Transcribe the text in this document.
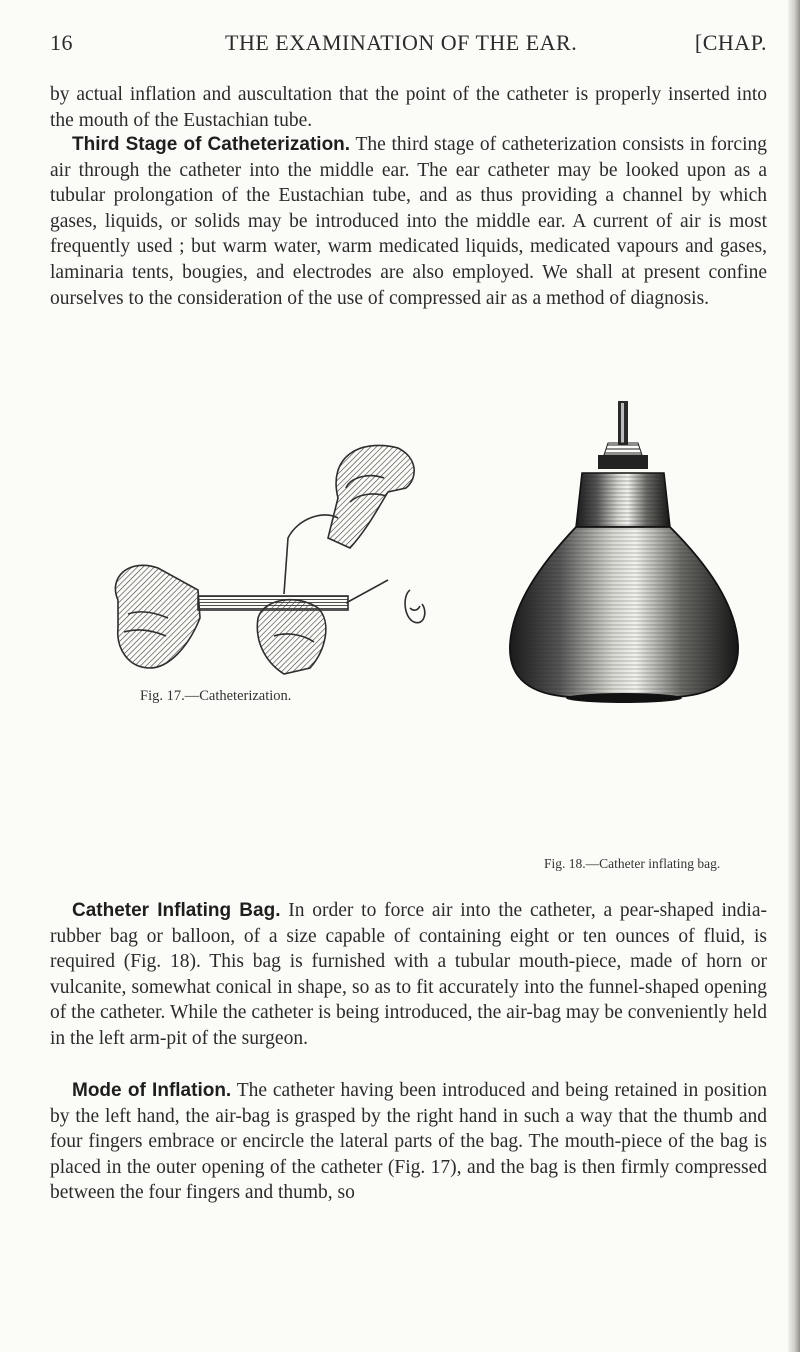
16	THE EXAMINATION OF THE EAR.	[CHAP.

by actual inflation and auscultation that the point of the catheter is properly inserted into the mouth of the Eustachian tube.

Third Stage of Catheterization. The third stage of catheterization consists in forcing air through the catheter into the middle ear. The ear catheter may be looked upon as a tubular prolongation of the Eustachian tube, and as thus providing a channel by which gases, liquids, or solids may be introduced into the middle ear. A current of air is most frequently used ; but warm water, warm medicated liquids, medicated vapours and gases, laminaria tents, bougies, and electrodes are also employed. We shall at present confine ourselves to the consideration of the use of compressed air as a method of diagnosis.

Fig. 17.—Catheterization.
Fig. 18.—Catheter inflating bag.

Catheter Inflating Bag. In order to force air into the catheter, a pear-shaped india-rubber bag or balloon, of a size capable of containing eight or ten ounces of fluid, is required (Fig. 18). This bag is furnished with a tubular mouth-piece, made of horn or vulcanite, somewhat conical in shape, so as to fit accurately into the funnel-shaped opening of the catheter. While the catheter is being introduced, the air-bag may be conveniently held in the left arm-pit of the surgeon.

Mode of Inflation. The catheter having been introduced and being retained in position by the left hand, the air-bag is grasped by the right hand in such a way that the thumb and four fingers embrace or encircle the lateral parts of the bag. The mouth-piece of the bag is placed in the outer opening of the catheter (Fig. 17), and the bag is then firmly compressed between the four fingers and thumb, so
